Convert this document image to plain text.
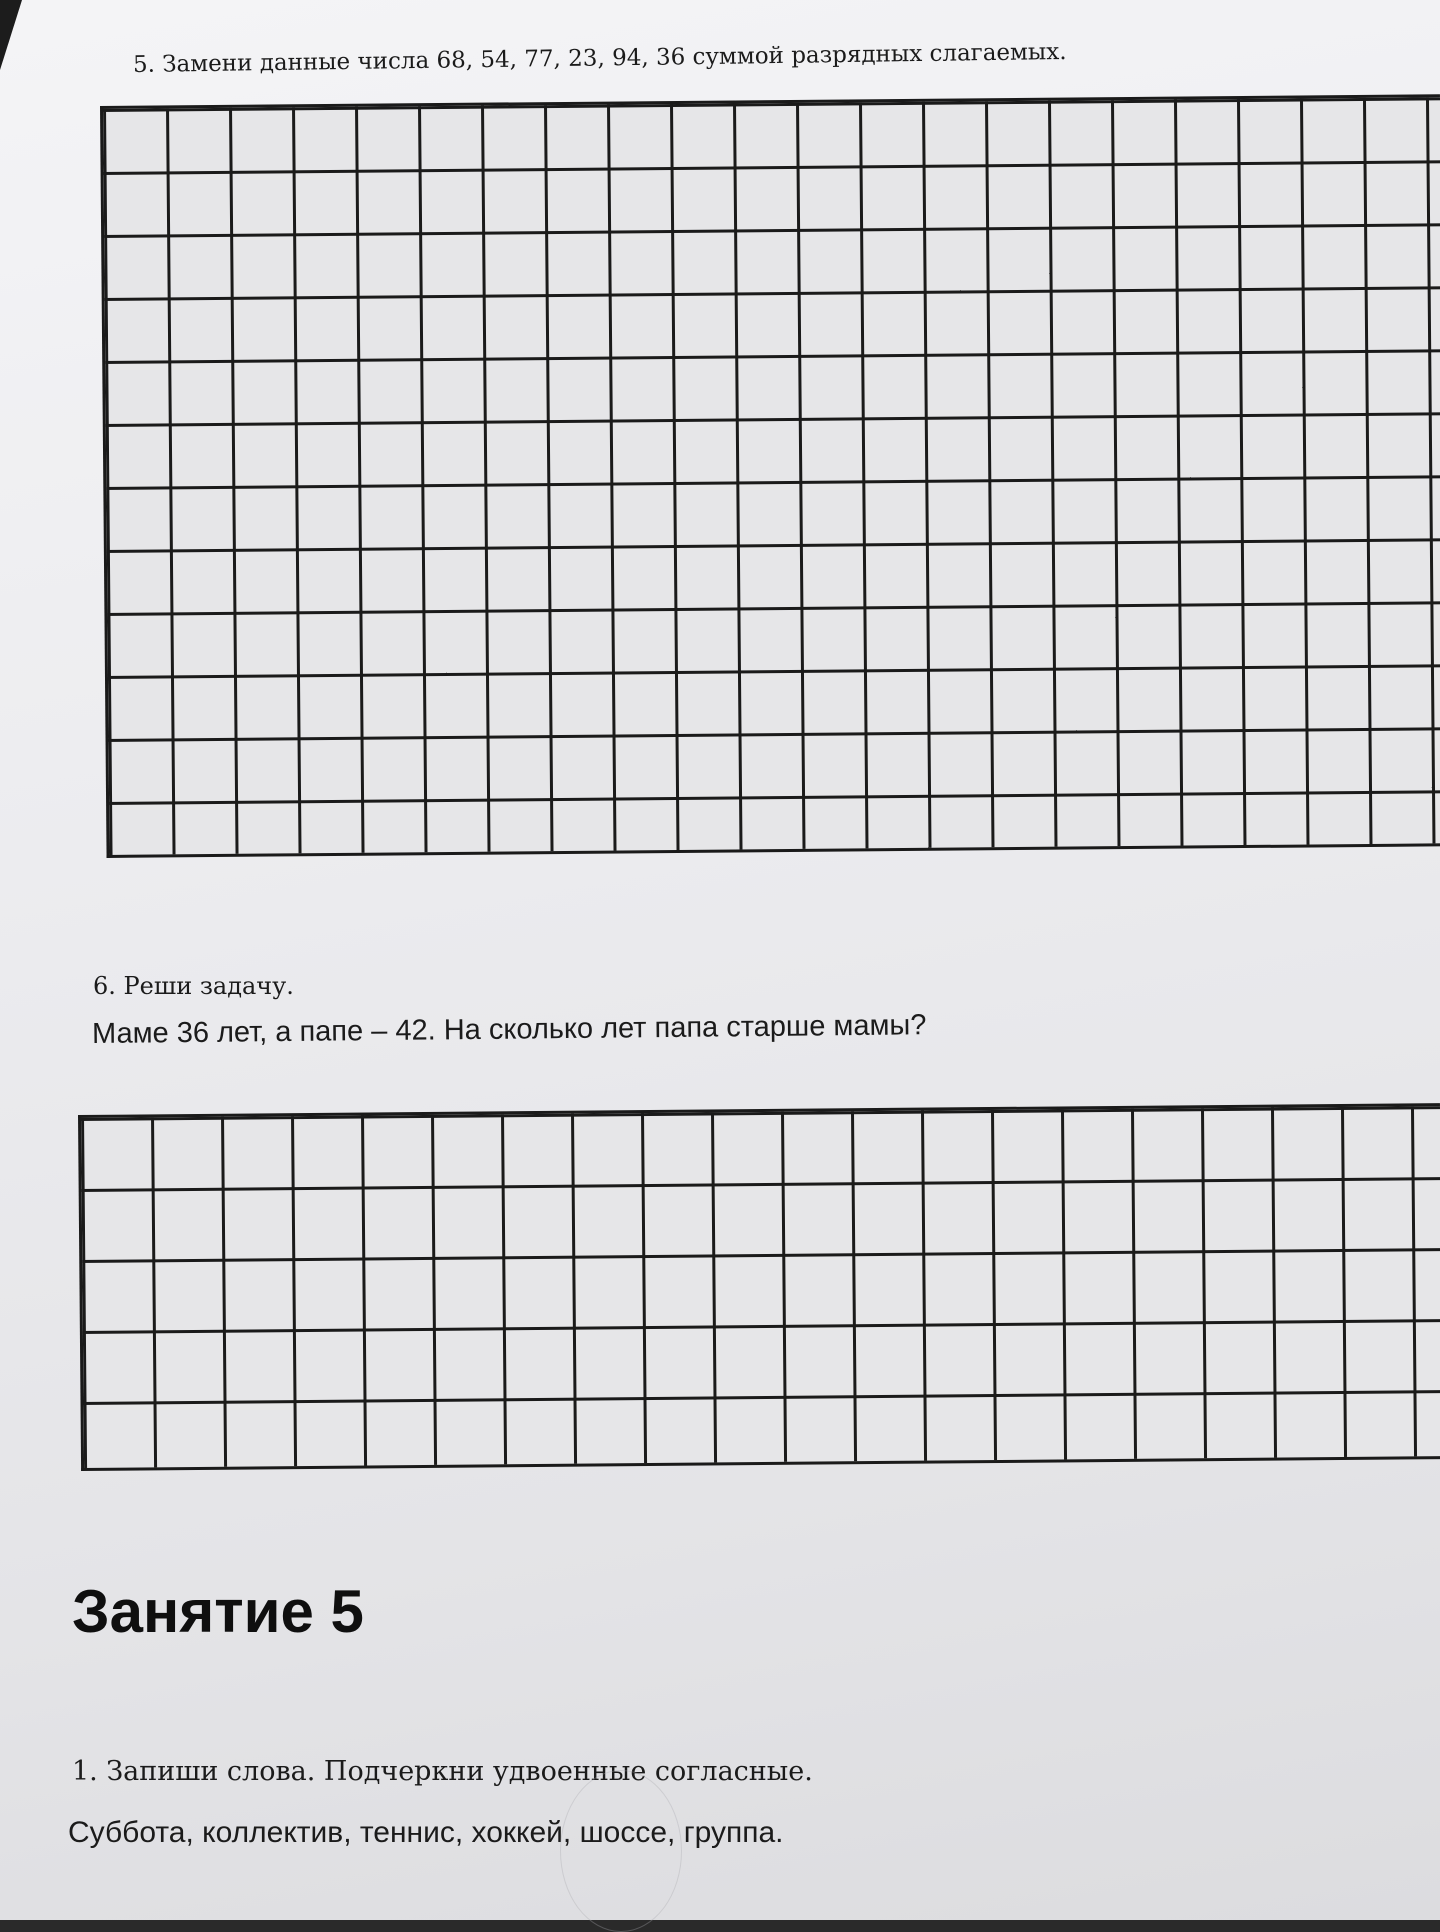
5. Замени данные числа 68, 54, 77, 23, 94, 36 суммой разрядных слагаемых.
6. Реши задачу.
Маме 36 лет, а папе – 42. На сколько лет папа старше мамы?
Занятие 5
1. Запиши слова. Подчеркни удвоенные согласные.
Суббота, коллектив, теннис, хоккей, шоссе, группа.
